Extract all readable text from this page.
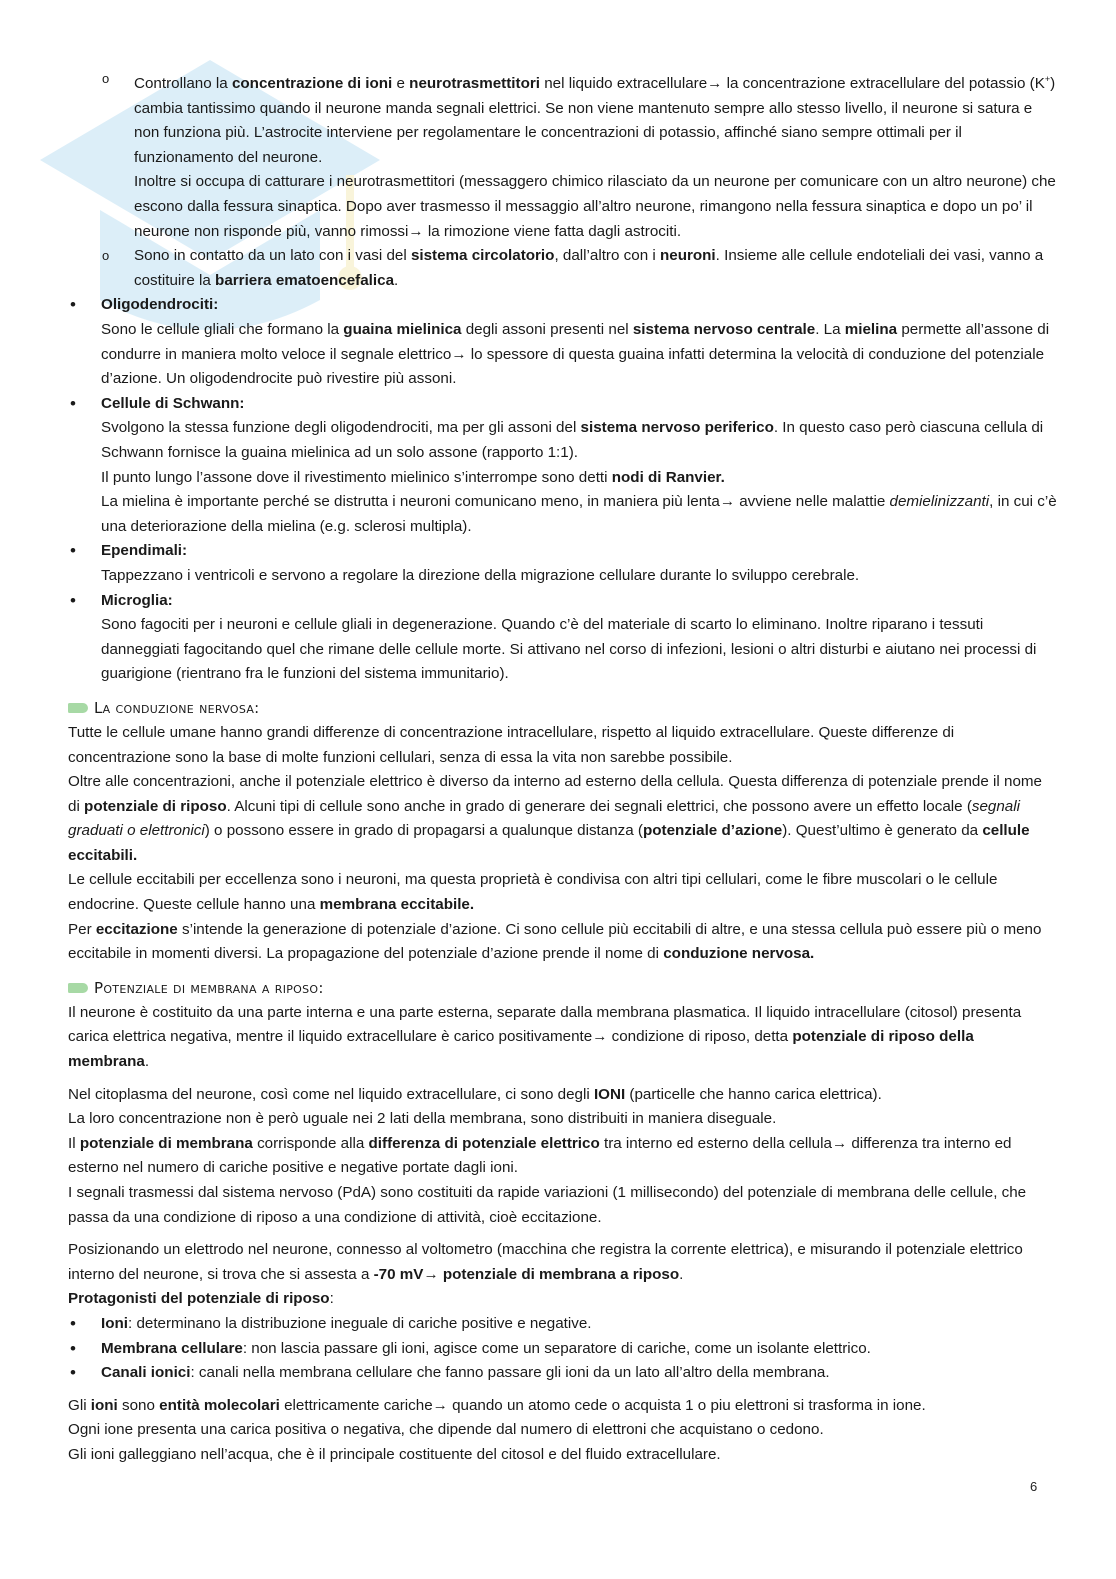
o Controllano la concentrazione di ioni e neurotrasmettitori nel liquido extracellulare→ la concentrazione extracellulare del potassio (K+) cambia tantissimo quando il neurone manda segnali elettrici. Se non viene mantenuto sempre allo stesso livello, il neurone si satura e non funziona più. L’astrocite interviene per regolamentare le concentrazioni di potassio, affinché siano sempre ottimali per il funzionamento del neurone.

Inoltre si occupa di catturare i neurotrasmettitori (messaggero chimico rilasciato da un neurone per comunicare con un altro neurone) che escono dalla fessura sinaptica. Dopo aver trasmesso il messaggio all’altro neurone, rimangono nella fessura sinaptica e dopo un po’ il neurone non risponde più, vanno rimossi→ la rimozione viene fatta dagli astrociti.

o Sono in contatto da un lato con i vasi del sistema circolatorio, dall’altro con i neuroni. Insieme alle cellule endoteliali dei vasi, vanno a costituire la barriera ematoencefalica.

• Oligodendrociti:

Sono le cellule gliali che formano la guaina mielinica degli assoni presenti nel sistema nervoso centrale. La mielina permette all’assone di condurre in maniera molto veloce il segnale elettrico→ lo spessore di questa guaina infatti determina la velocità di conduzione del potenziale d’azione. Un oligodendrocite può rivestire più assoni.

• Cellule di Schwann:

Svolgono la stessa funzione degli oligodendrociti, ma per gli assoni del sistema nervoso periferico. In questo caso però ciascuna cellula di Schwann fornisce la guaina mielinica ad un solo assone (rapporto 1:1).

Il punto lungo l’assone dove il rivestimento mielinico s’interrompe sono detti nodi di Ranvier.

La mielina è importante perché se distrutta i neuroni comunicano meno, in maniera più lenta→ avviene nelle malattie demielinizzanti, in cui c’è una deteriorazione della mielina (e.g. sclerosi multipla).

• Ependimali:

Tappezzano i ventricoli e servono a regolare la direzione della migrazione cellulare durante lo sviluppo cerebrale.

• Microglia:

Sono fagociti per i neuroni e cellule gliali in degenerazione. Quando c’è del materiale di scarto lo eliminano. Inoltre riparano i tessuti danneggiati fagocitando quel che rimane delle cellule morte. Si attivano nel corso di infezioni, lesioni o altri disturbi e aiutano nei processi di guarigione (rientrano fra le funzioni del sistema immunitario).

La conduzione nervosa:

Tutte le cellule umane hanno grandi differenze di concentrazione intracellulare, rispetto al liquido extracellulare. Queste differenze di concentrazione sono la base di molte funzioni cellulari, senza di essa la vita non sarebbe possibile.

Oltre alle concentrazioni, anche il potenziale elettrico è diverso da interno ad esterno della cellula. Questa differenza di potenziale prende il nome di potenziale di riposo. Alcuni tipi di cellule sono anche in grado di generare dei segnali elettrici, che possono avere un effetto locale (segnali graduati o elettronici) o possono essere in grado di propagarsi a qualunque distanza (potenziale d’azione). Quest’ultimo è generato da cellule eccitabili.

Le cellule eccitabili per eccellenza sono i neuroni, ma questa proprietà è condivisa con altri tipi cellulari, come le fibre muscolari o le cellule endocrine. Queste cellule hanno una membrana eccitabile.

Per eccitazione s’intende la generazione di potenziale d’azione. Ci sono cellule più eccitabili di altre, e una stessa cellula può essere più o meno eccitabile in momenti diversi. La propagazione del potenziale d’azione prende il nome di conduzione nervosa.

Potenziale di membrana a riposo:

Il neurone è costituito da una parte interna e una parte esterna, separate dalla membrana plasmatica. Il liquido intracellulare (citosol) presenta carica elettrica negativa, mentre il liquido extracellulare è carico positivamente→ condizione di riposo, detta potenziale di riposo della membrana.

Nel citoplasma del neurone, così come nel liquido extracellulare, ci sono degli IONI (particelle che hanno carica elettrica).

La loro concentrazione non è però uguale nei 2 lati della membrana, sono distribuiti in maniera diseguale.

Il potenziale di membrana corrisponde alla differenza di potenziale elettrico tra interno ed esterno della cellula→ differenza tra interno ed esterno nel numero di cariche positive e negative portate dagli ioni.

I segnali trasmessi dal sistema nervoso (PdA) sono costituiti da rapide variazioni (1 millisecondo) del potenziale di membrana delle cellule, che passa da una condizione di riposo a una condizione di attività, cioè eccitazione.

Posizionando un elettrodo nel neurone, connesso al voltometro (macchina che registra la corrente elettrica), e misurando il potenziale elettrico interno del neurone, si trova che si assesta a -70 mV→ potenziale di membrana a riposo.

Protagonisti del potenziale di riposo:

• Ioni: determinano la distribuzione ineguale di cariche positive e negative.

• Membrana cellulare: non lascia passare gli ioni, agisce come un separatore di cariche, come un isolante elettrico.

• Canali ionici: canali nella membrana cellulare che fanno passare gli ioni da un lato all’altro della membrana.

Gli ioni sono entità molecolari elettricamente cariche→ quando un atomo cede o acquista 1 o piu elettroni si trasforma in ione.

Ogni ione presenta una carica positiva o negativa, che dipende dal numero di elettroni che acquistano o cedono.

Gli ioni galleggiano nell’acqua, che è il principale costituente del citosol e del fluido extracellulare.

6
